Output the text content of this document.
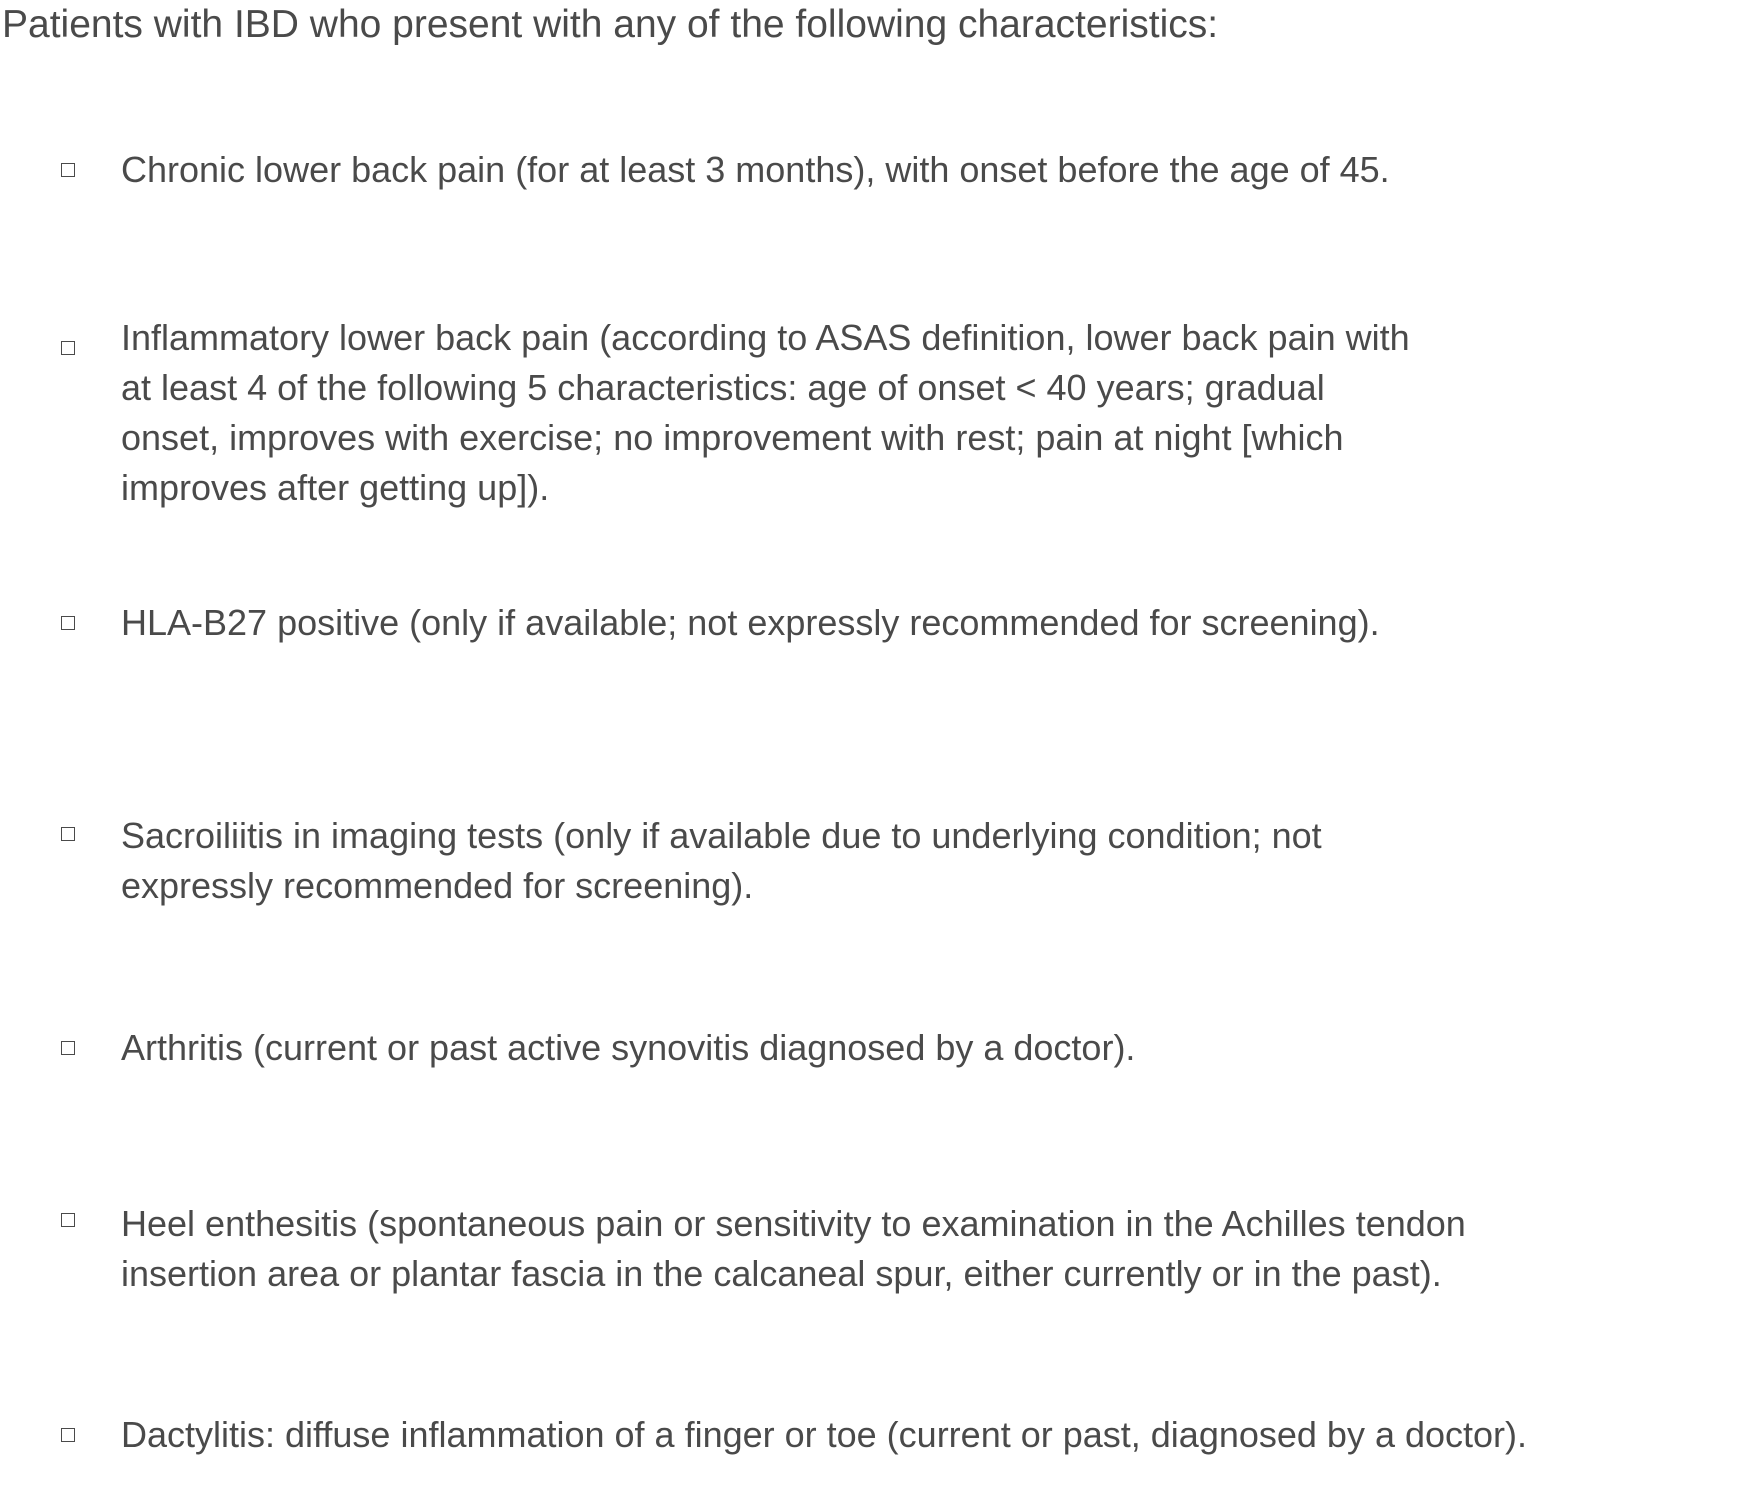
Patients with IBD who present with any of the following characteristics:

Chronic lower back pain (for at least 3 months), with onset before the age of 45.

Inflammatory lower back pain (according to ASAS definition, lower back pain with
at least 4 of the following 5 characteristics: age of onset < 40 years; gradual
onset, improves with exercise; no improvement with rest; pain at night [which
improves after getting up]).

HLA-B27 positive (only if available; not expressly recommended for screening).

Sacroiliitis in imaging tests (only if available due to underlying condition; not
expressly recommended for screening).

Arthritis (current or past active synovitis diagnosed by a doctor).

Heel enthesitis (spontaneous pain or sensitivity to examination in the Achilles tendon
insertion area or plantar fascia in the calcaneal spur, either currently or in the past).

Dactylitis: diffuse inflammation of a finger or toe (current or past, diagnosed by a doctor).
